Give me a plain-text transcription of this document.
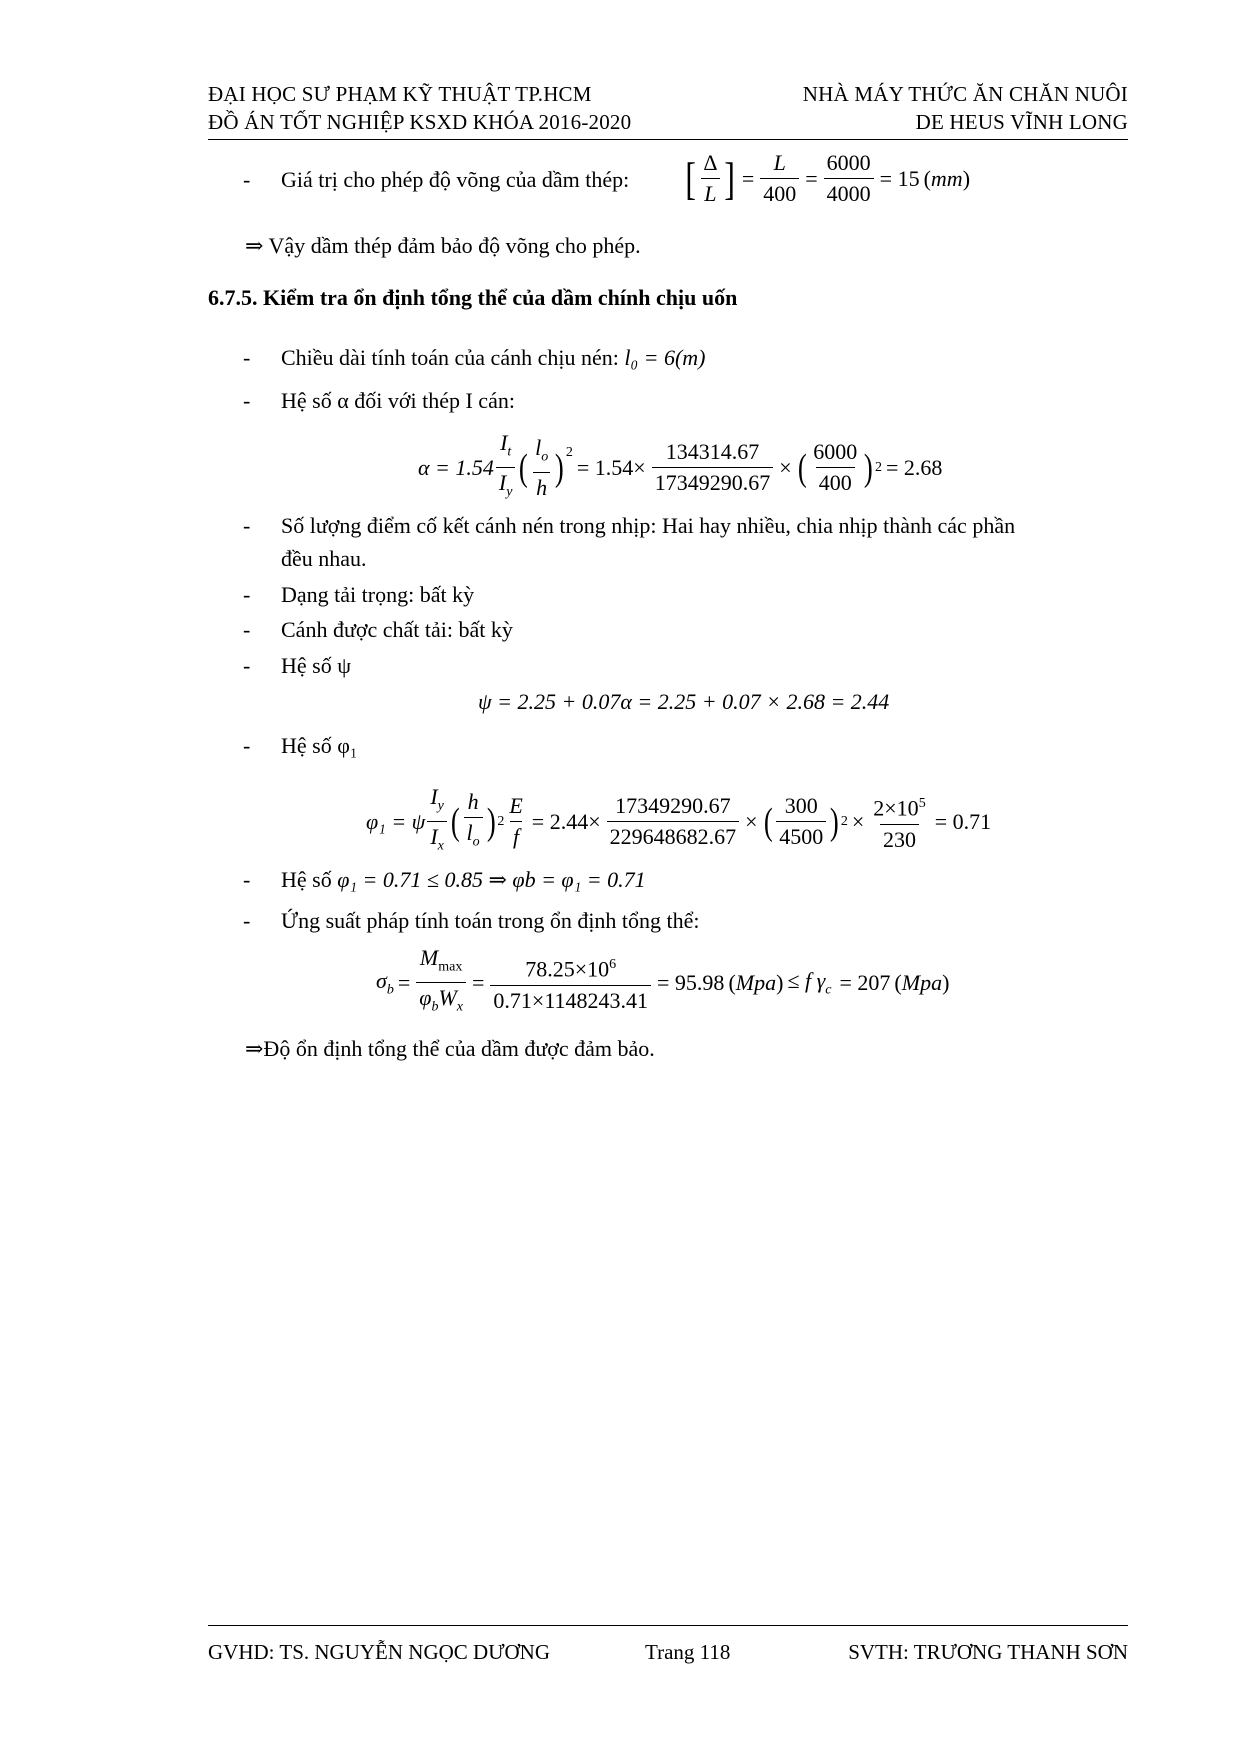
ĐẠI HỌC SƯ PHẠM KỸ THUẬT TP.HCM
ĐỒ ÁN TỐT NGHIỆP KSXD KHÓA 2016-2020
NHÀ MÁY THỨC ĂN CHĂN NUÔI
DE HEUS VĨNH LONG
- Giá trị cho phép độ võng của dầm thép: [ $\frac{\Delta}{L}$ ] = $\frac{L}{400} = \frac{6000}{4000} = 15$ (mm)
⇒ Vậy dầm thép đảm bảo độ võng cho phép.
6.7.5. Kiểm tra ổn định tổng thể của dầm chính chịu uốn
- Chiều dài tính toán của cánh chịu nén: l₀ = 6(m)
- Hệ số α đối với thép I cán:
$\alpha = 1.54 \frac{I_t}{I_y}$ ( $\frac{l_o}{h} )^2$
= $1.54\times \frac{134314.67}{17349290.67}$ × ( $\frac{6000}{400}$ ) 2 = 2.68
- Số lượng điểm cố kết cánh nén trong nhịp: Hai hay nhiều, chia nhịp thành các phần
đều nhau.
- Dạng tải trọng: bất kỳ
- Cánh được chất tải: bất kỳ
- Hệ số ψ
ψ = 2.25 + 0.07α = 2.25 + 0.07 × 2.68 = 2.44
- Hệ số φ₁
φ₁ = ψ $\frac{I_y}{I_x}$ ( $\frac{h}{l_o}$ ) $2 \frac{E}{f} = 2.44\times \frac{17349290.67}{229648682.67}$ × ( $\frac{300}{4500}$ ) $2 \times \frac{2\times 10^5}{230} = 0.71$
- Hệ số φ₁ = 0.71 ≤ 0.85 ⇒ φb = φ₁ = 0.71
- Ứng suất pháp tính toán trong ổn định tổng thể:
$\sigma_b = \frac{M_{max}}{\varphi_bW_x} = \frac{78.25\times 10^6}{0.71\times 1148243.41} = 95.98$ (Mpa) ≤ f $\gamma_c = 207$ (Mpa)
⇒Độ ổn định tổng thể của dầm được đảm bảo.
GVHD: TS. NGUYỄN NGỌC DƯƠNG	Trang 118	SVTH: TRƯƠNG THANH SƠN
